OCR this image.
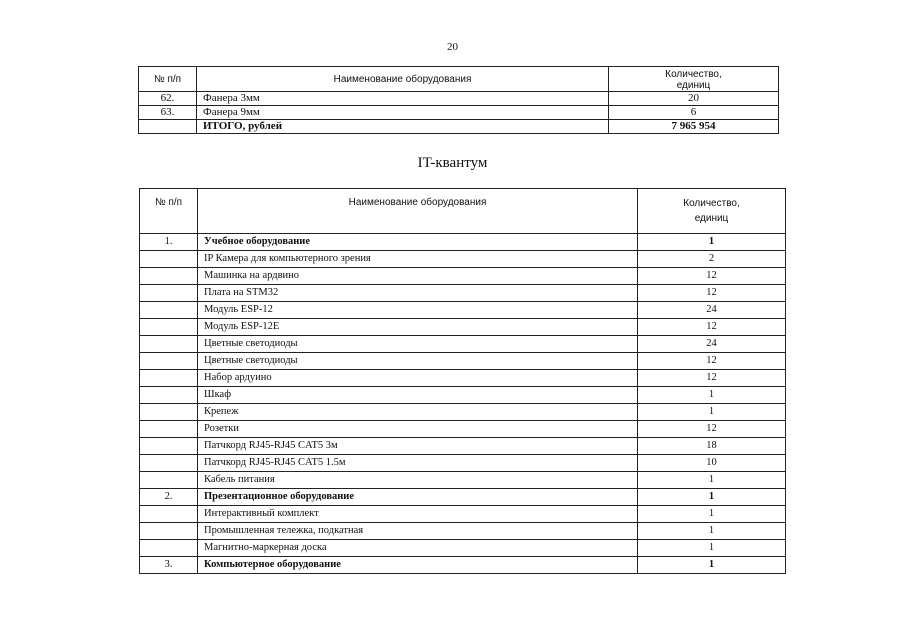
20
№ п/п	Наименование оборудования	Количество,
единиц

62.	Фанера 3мм	20
63.	Фанера 9мм	6
	ИТОГО, рублей	7 965 954
IT-квантум
№ п/п	Наименование оборудования	Количество,
единиц

1.	Учебное оборудование	1
	IP Камера для компьютерного зрения	2
	Машинка на ардвино	12
	Плата на STM32	12
	Модуль ESP-12	24
	Модуль ESP-12E	12
	Цветные светодиоды	24
	Цветные светодиоды	12
	Набор ардуино	12
	Шкаф	1
	Крепеж	1
	Розетки	12
	Патчкорд RJ45-RJ45 CAT5 3м	18
	Патчкорд RJ45-RJ45 CAT5 1.5м	10
	Кабель питания	1
2.	Презентационное оборудование	1
	Интерактивный комплект	1
	Промышленная тележка, подкатная	1
	Магнитно-маркерная доска	1
3.	Компьютерное оборудование	1
